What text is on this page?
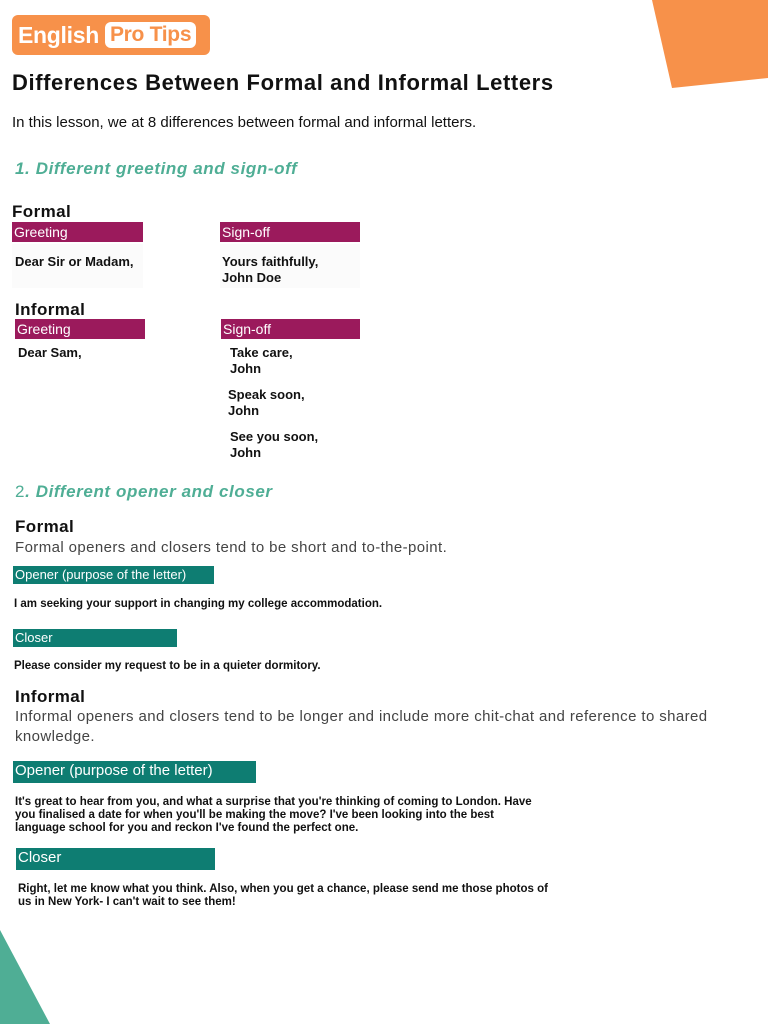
English Pro Tips
Differences Between Formal and Informal Letters
In this lesson, we at 8 differences between formal and informal letters.
1. Different greeting and sign-off
Formal
Greeting	Sign-off
Dear Sir or Madam,	Yours faithfully,
John Doe
Informal
Greeting	Sign-off
Dear Sam,	Take care,
John
Speak soon,
John
See you soon,
John
2. Different opener and closer
Formal
Formal openers and closers tend to be short and to-the-point.
Opener (purpose of the letter)
I am seeking your support in changing my college accommodation.
Closer
Please consider my request to be in a quieter dormitory.
Informal
Informal openers and closers tend to be longer and include more chit-chat and reference to shared knowledge.
Opener (purpose of the letter)
It's great to hear from you, and what a surprise that you're thinking of coming to London. Have
you finalised a date for when you'll be making the move? I've been looking into the best
language school for you and reckon I've found the perfect one.
Closer
Right, let me know what you think. Also, when you get a chance, please send me those photos of
us in New York- I can't wait to see them!
